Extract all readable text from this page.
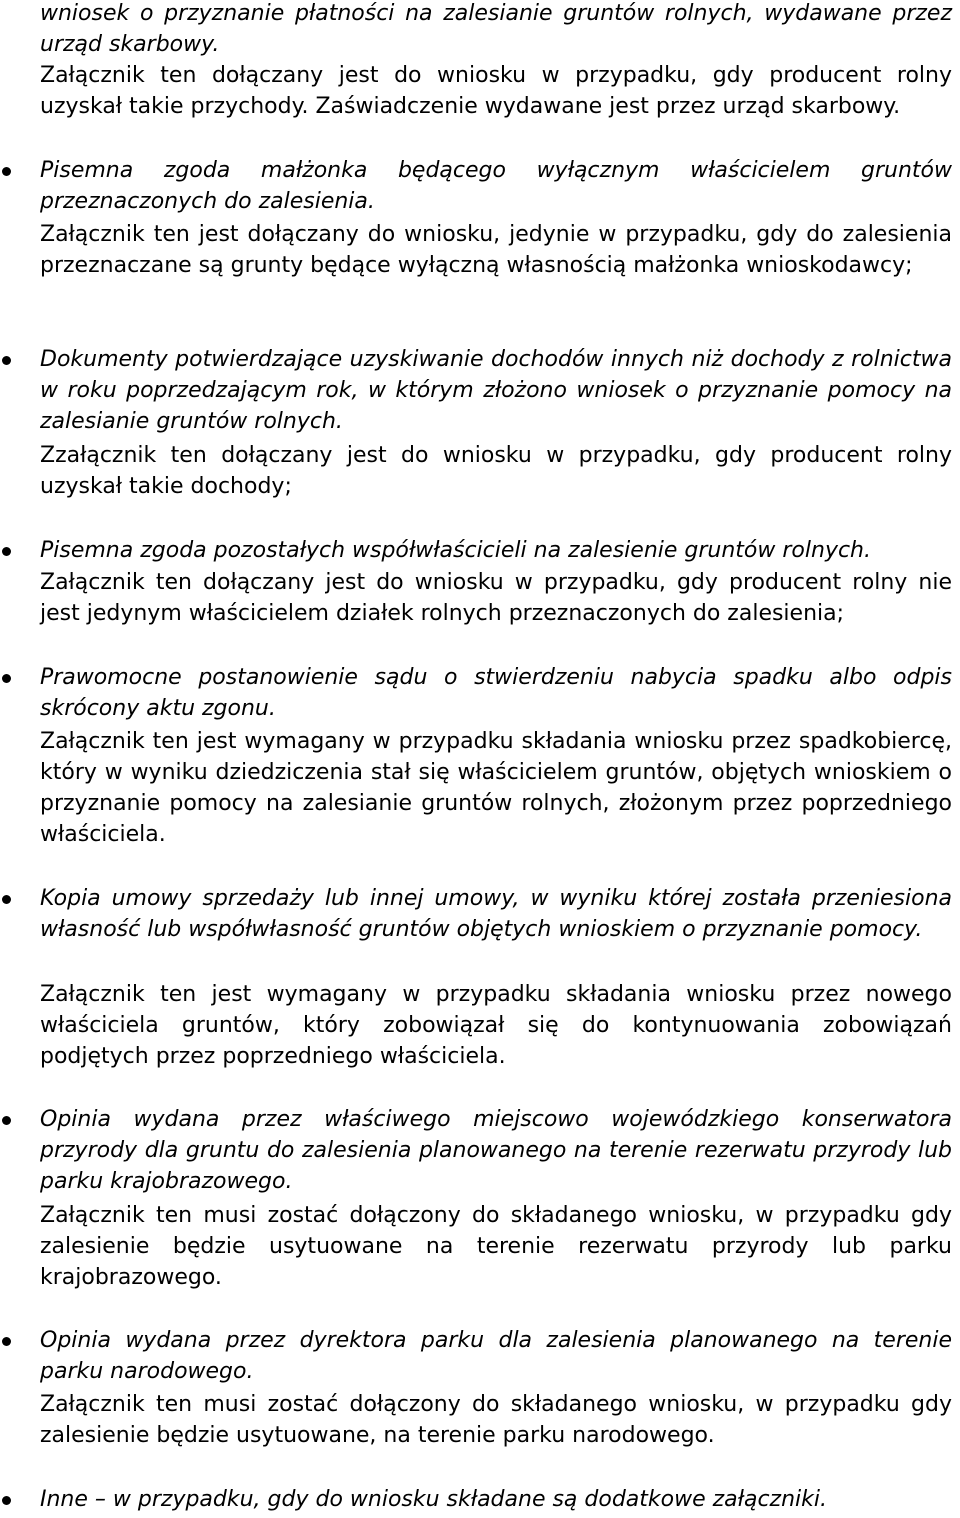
wniosek o przyznanie płatności na zalesianie gruntów rolnych, wydawane przez urząd skarbowy.

Załącznik ten dołączany jest do wniosku w przypadku, gdy producent rolny uzyskał takie przychody. Zaświadczenie wydawane jest przez urząd skarbowy.

Pisemna zgoda małżonka będącego wyłącznym właścicielem gruntów przeznaczonych do zalesienia.

Załącznik ten jest dołączany do wniosku, jedynie w przypadku, gdy do zalesienia przeznaczane są grunty będące wyłączną własnością małżonka wnioskodawcy;

Dokumenty potwierdzające uzyskiwanie dochodów innych niż dochody z rolnictwa w roku poprzedzającym rok, w którym złożono wniosek o przyznanie pomocy na zalesianie gruntów rolnych.

Zzałącznik ten dołączany jest do wniosku w przypadku, gdy producent rolny uzyskał takie dochody;

Pisemna zgoda pozostałych współwłaścicieli na zalesienie gruntów rolnych.

Załącznik ten dołączany jest do wniosku w przypadku, gdy producent rolny nie jest jedynym właścicielem działek rolnych przeznaczonych do zalesienia;

Prawomocne postanowienie sądu o stwierdzeniu nabycia spadku albo odpis skrócony aktu zgonu.

Załącznik ten jest wymagany w przypadku składania wniosku przez spadkobiercę, który w wyniku dziedziczenia stał się właścicielem gruntów, objętych wnioskiem o przyznanie pomocy na zalesianie gruntów rolnych, złożonym przez poprzedniego właściciela.

Kopia umowy sprzedaży lub innej umowy, w wyniku której została przeniesiona własność lub współwłasność gruntów objętych wnioskiem o przyznanie pomocy.

Załącznik ten jest wymagany w przypadku składania wniosku przez nowego właściciela gruntów, który zobowiązał się do kontynuowania zobowiązań podjętych przez poprzedniego właściciela.

Opinia wydana przez właściwego miejscowo wojewódzkiego konserwatora przyrody dla gruntu do zalesienia planowanego na terenie rezerwatu przyrody lub parku krajobrazowego.

Załącznik ten musi zostać dołączony do składanego wniosku, w przypadku gdy zalesienie będzie usytuowane na terenie rezerwatu przyrody lub parku krajobrazowego.

Opinia wydana przez dyrektora parku dla zalesienia planowanego na terenie parku narodowego.

Załącznik ten musi zostać dołączony do składanego wniosku, w przypadku gdy zalesienie będzie usytuowane, na terenie parku narodowego.

Inne – w przypadku, gdy do wniosku składane są dodatkowe załączniki.
